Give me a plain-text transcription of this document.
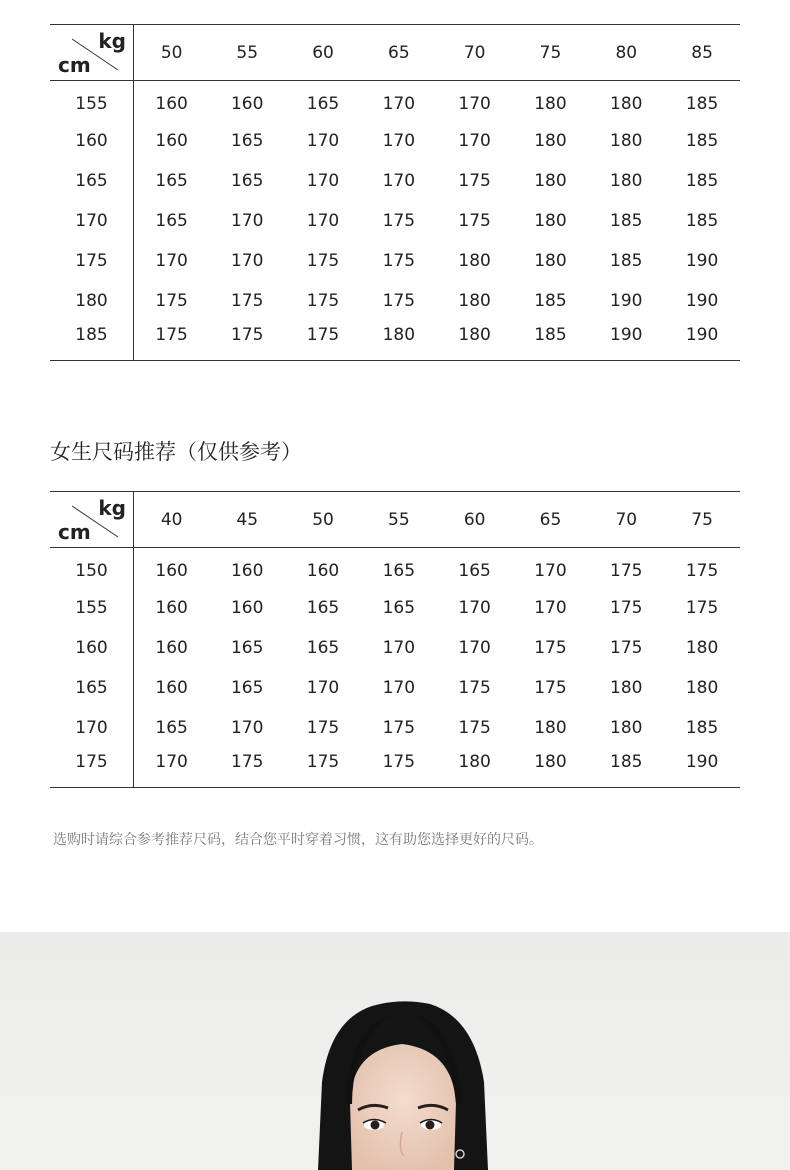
kg
cm	50	55	60	65	70	75	80	85
155	160	160	165	170	170	180	180	185
160	160	165	170	170	170	180	180	185
165	165	165	170	170	175	180	180	185
170	165	170	170	175	175	180	185	185
175	170	170	175	175	180	180	185	190
180	175	175	175	175	180	185	190	190
185	175	175	175	180	180	185	190	190
女生尺码推荐（仅供参考）
kg
cm	40	45	50	55	60	65	70	75
150	160	160	160	165	165	170	175	175
155	160	160	165	165	170	170	175	175
160	160	165	165	170	170	175	175	180
165	160	165	170	170	175	175	180	180
170	165	170	175	175	175	180	180	185
175	170	175	175	175	180	180	185	190
选购时请综合参考推荐尺码，结合您平时穿着习惯，这有助您选择更好的尺码。
